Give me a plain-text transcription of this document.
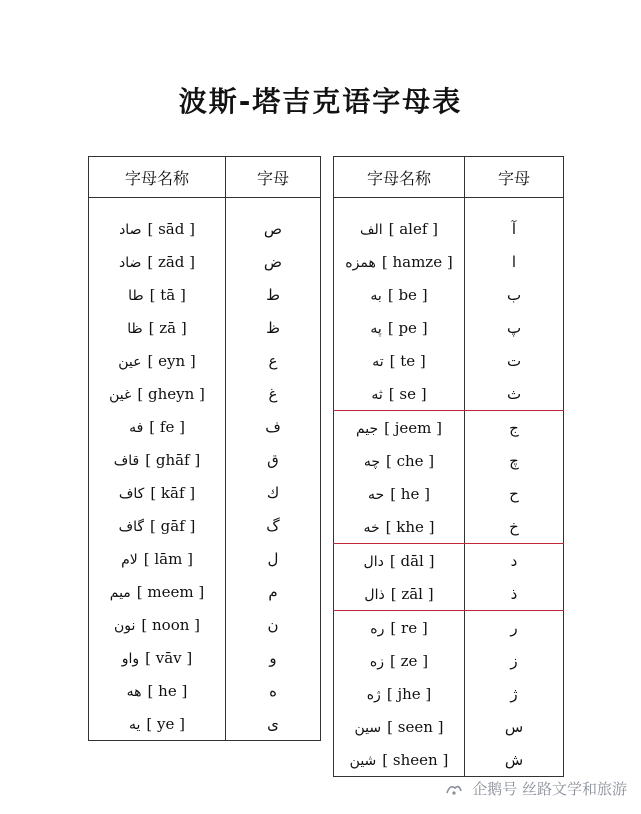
波斯-塔吉克语字母表
字母名称	字母
صاد [ sād ]	ص
ضاد [ zād ]	ض
طا [ tā ]	ط
ظا [ zā ]	ظ
عين [ eyn ]	ع
غين [ gheyn ]	غ
فه [ fe ]	ف
قاف [ ghāf ]	ق
كاف [ kāf ]	ك
گاف [ gāf ]	گ
لام [ lām ]	ل
ميم [ meem ]	م
نون [ noon ]	ن
واو [ vāv ]	و
هه [ he ]	ه
يه [ ye ]	ى
字母名称	字母
الف [ alef ]	آ
همزه [ hamze ]	ا
به [ be ]	ب
په [ pe ]	پ
ته [ te ]	ت
ثه [ se ]	ث
جيم [ jeem ]	ج
چه [ che ]	چ
حه [ he ]	ح
خه [ khe ]	خ
دال [ dāl ]	د
ذال [ zāl ]	ذ
ره [ re ]	ر
زه [ ze ]	ز
ژه [ jhe ]	ژ
سين [ seen ]	س
شين [ sheen ]	ش
企鹅号 丝路文学和旅游
